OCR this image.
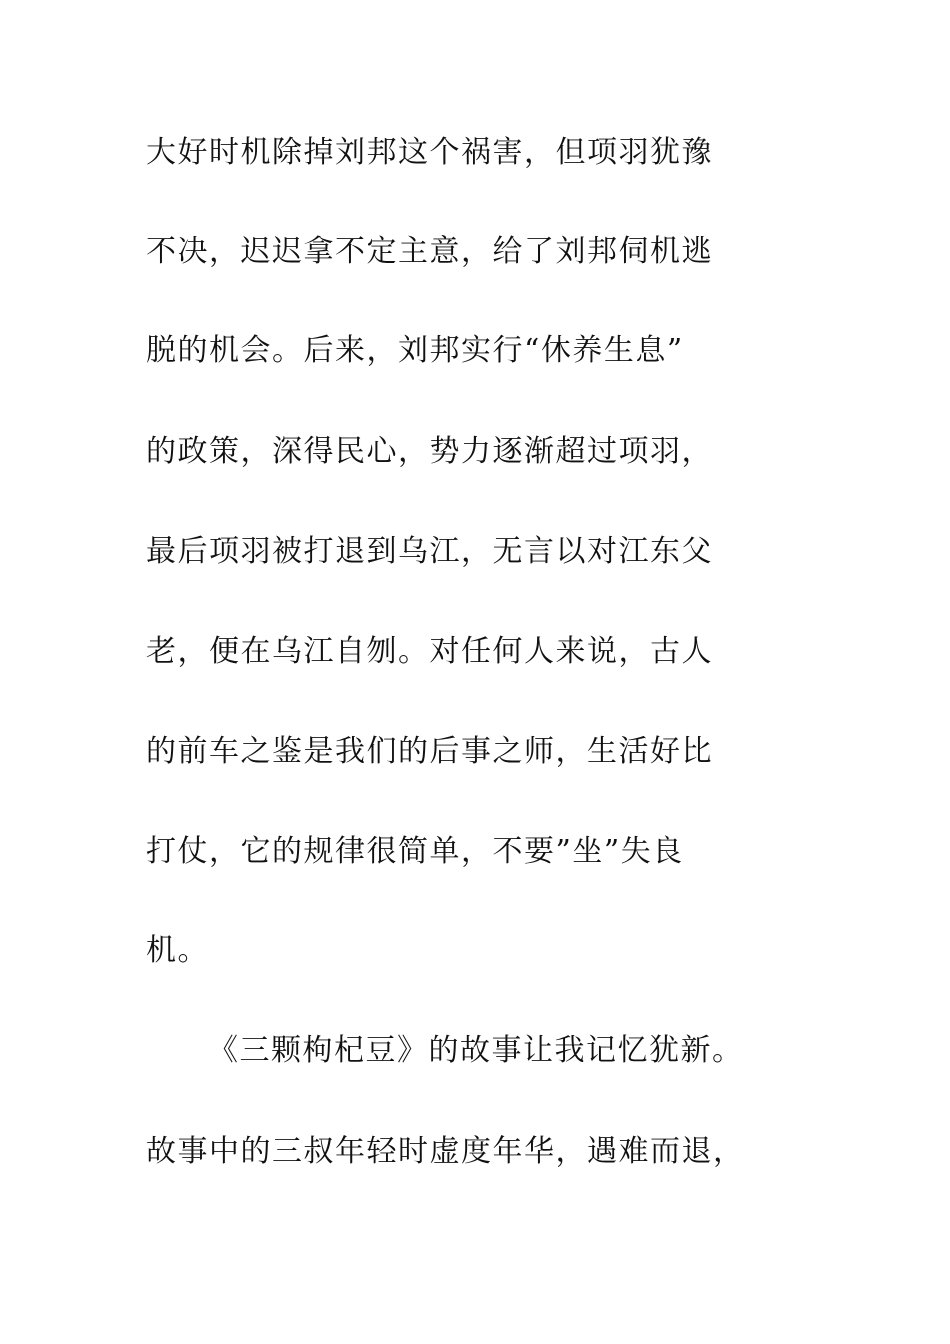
大好时机除掉刘邦这个祸害，但项羽犹豫
不决，迟迟拿不定主意，给了刘邦伺机逃
脱的机会。后来，刘邦实行“休养生息”
的政策，深得民心，势力逐渐超过项羽，
最后项羽被打退到乌江，无言以对江东父
老，便在乌江自刎。对任何人来说，古人
的前车之鉴是我们的后事之师，生活好比
打仗，它的规律很简单，不要”坐”失良
机。
《三颗枸杞豆》的故事让我记忆犹新。
故事中的三叔年轻时虚度年华，遇难而退，
